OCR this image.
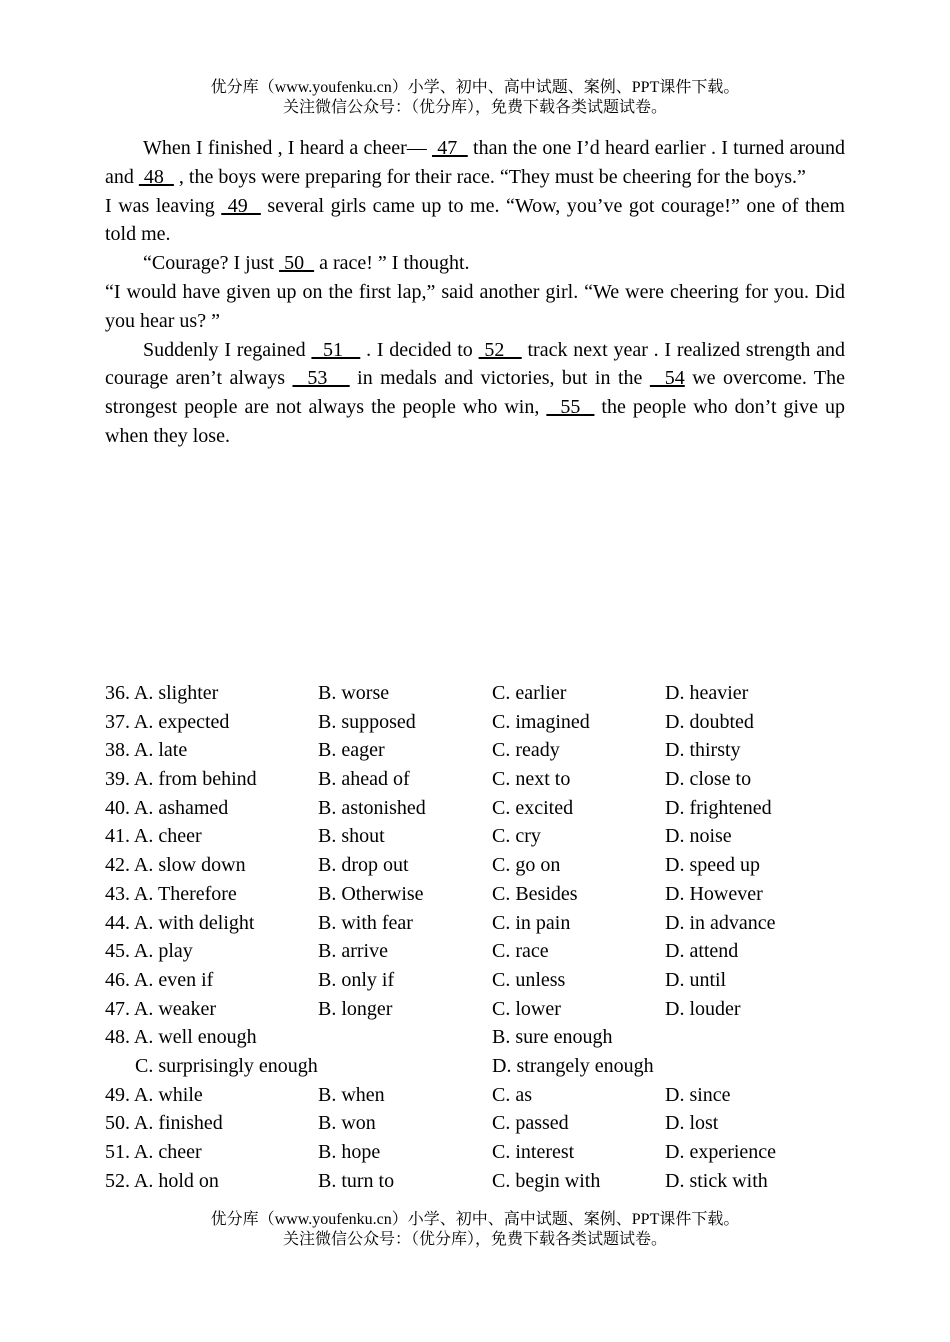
优分库（www.youfenku.cn）小学、初中、高中试题、案例、PPT课件下载。
关注微信公众号：（优分库），免费下载各类试题试卷。

When I finished , I heard a cheer—  47   than the one I’d heard earlier . I turned around and  48   , the boys were preparing for their race. “They must be cheering for the boys.”

I was leaving  49   several girls came up to me. “Wow, you’ve got courage!” one of them told me.

“Courage? I just  50   a race! ” I thought.

“I would have given up on the first lap,” said another girl. “We were cheering for you. Did you hear us? ”

Suddenly I regained   51    . I decided to  52    track next year . I realized strength and courage aren’t always   53    in medals and victories, but in the   54 we overcome. The strongest people are not always the people who win,   55   the people who don’t give up when they lose.

36. A. slighter	B. worse	C. earlier	D. heavier
37. A. expected	B. supposed	C. imagined	D. doubted
38. A. late	B. eager	C. ready	D. thirsty
39. A. from behind	B. ahead of	C. next to	D. close to
40. A. ashamed	B. astonished	C. excited	D. frightened
41. A. cheer	B. shout	C. cry	D. noise
42. A. slow down	B. drop out	C. go on	D. speed up
43. A. Therefore	B. Otherwise	C. Besides	D. However
44. A. with delight	B. with fear	C. in pain	D. in advance
45. A. play	B. arrive	C. race	D. attend
46. A. even if	B. only if	C. unless	D. until
47. A. weaker	B. longer	C. lower	D. louder
48. A. well enough	B. sure enough
C. surprisingly enough	D. strangely enough
49. A. while	B. when	C. as	D. since
50. A. finished	B. won	C. passed	D. lost
51. A. cheer	B. hope	C. interest	D. experience
52. A. hold on	B. turn to	C. begin with	D. stick with
优分库（www.youfenku.cn）小学、初中、高中试题、案例、PPT课件下载。
关注微信公众号：（优分库），免费下载各类试题试卷。
